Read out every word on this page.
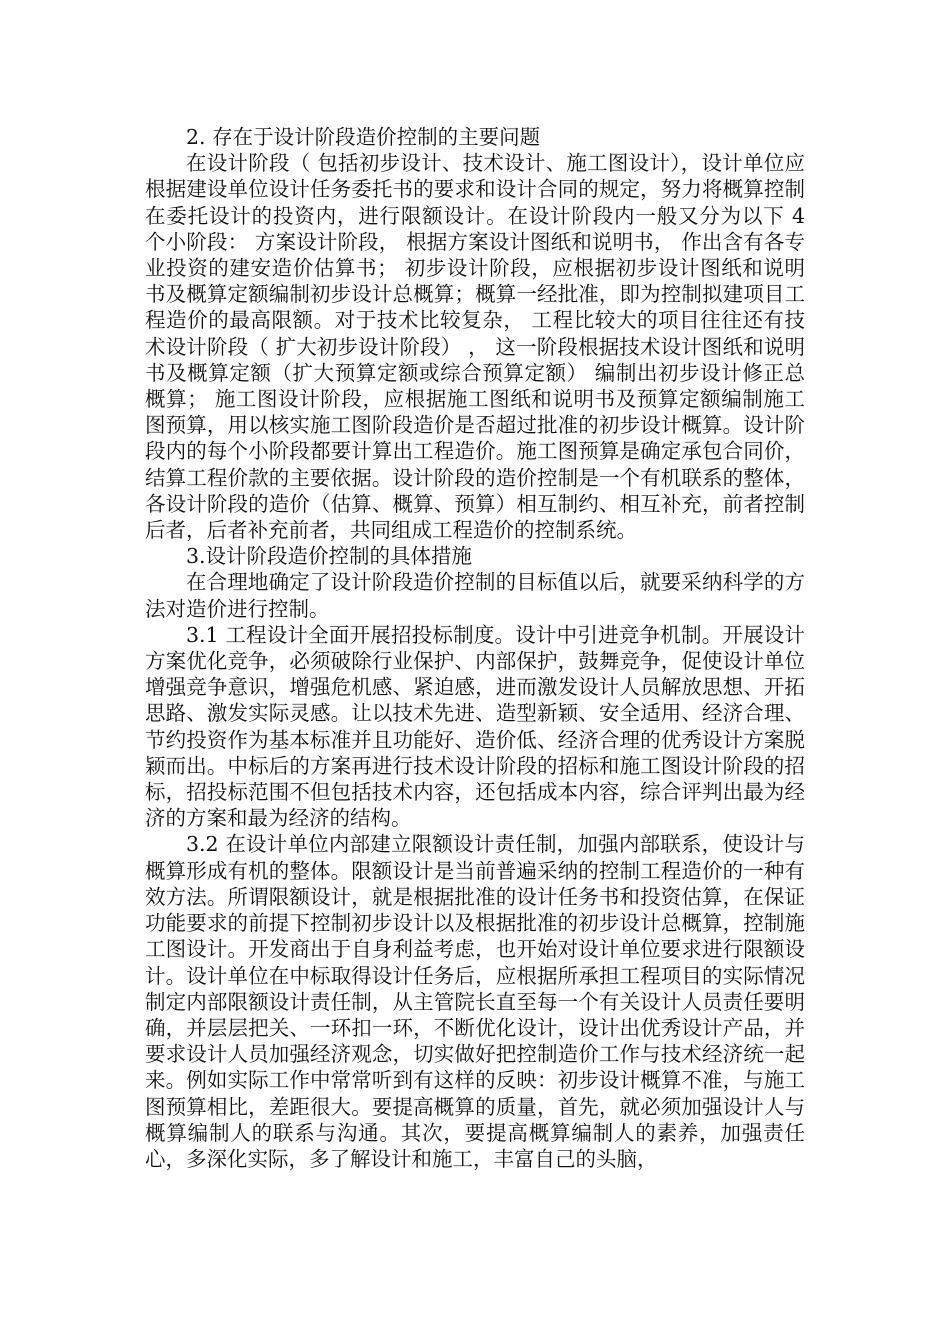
2. 存在于设计阶段造价控制的主要问题

在设计阶段（ 包括初步设计、技术设计、施工图设计），设计单位应根据建设单位设计任务委托书的要求和设计合同的规定，努力将概算控制在委托设计的投资内，进行限额设计。在设计阶段内一般又分为以下 4 个小阶段： 方案设计阶段， 根据方案设计图纸和说明书， 作出含有各专业投资的建安造价估算书； 初步设计阶段，应根据初步设计图纸和说明书及概算定额编制初步设计总概算；概算一经批准，即为控制拟建项目工程造价的最高限额。对于技术比较复杂， 工程比较大的项目往往还有技术设计阶段（ 扩大初步设计阶段） ， 这一阶段根据技术设计图纸和说明书及概算定额（扩大预算定额或综合预算定额） 编制出初步设计修正总概算； 施工图设计阶段，应根据施工图纸和说明书及预算定额编制施工图预算，用以核实施工图阶段造价是否超过批准的初步设计概算。设计阶段内的每个小阶段都要计算出工程造价。施工图预算是确定承包合同价，结算工程价款的主要依据。设计阶段的造价控制是一个有机联系的整体，各设计阶段的造价（估算、概算、预算）相互制约、相互补充，前者控制后者，后者补充前者，共同组成工程造价的控制系统。

3.设计阶段造价控制的具体措施

在合理地确定了设计阶段造价控制的目标值以后，就要采纳科学的方法对造价进行控制。

3.1 工程设计全面开展招投标制度。设计中引进竞争机制。开展设计方案优化竞争，必须破除行业保护、内部保护，鼓舞竞争，促使设计单位增强竞争意识，增强危机感、紧迫感，进而激发设计人员解放思想、开拓思路、激发实际灵感。让以技术先进、造型新颖、安全适用、经济合理、节约投资作为基本标准并且功能好、造价低、经济合理的优秀设计方案脱颖而出。中标后的方案再进行技术设计阶段的招标和施工图设计阶段的招标，招投标范围不但包括技术内容，还包括成本内容，综合评判出最为经济的方案和最为经济的结构。

3.2 在设计单位内部建立限额设计责任制，加强内部联系，使设计与概算形成有机的整体。限额设计是当前普遍采纳的控制工程造价的一种有效方法。所谓限额设计，就是根据批准的设计任务书和投资估算，在保证功能要求的前提下控制初步设计以及根据批准的初步设计总概算，控制施工图设计。开发商出于自身利益考虑，也开始对设计单位要求进行限额设计。设计单位在中标取得设计任务后，应根据所承担工程项目的实际情况制定内部限额设计责任制，从主管院长直至每一个有关设计人员责任要明确，并层层把关、一环扣一环，不断优化设计，设计出优秀设计产品，并要求设计人员加强经济观念，切实做好把控制造价工作与技术经济统一起来。例如实际工作中常常听到有这样的反映：初步设计概算不准，与施工图预算相比，差距很大。要提高概算的质量，首先，就必须加强设计人与概算编制人的联系与沟通。其次，要提高概算编制人的素养，加强责任心，多深化实际，多了解设计和施工，丰富自己的头脑，
